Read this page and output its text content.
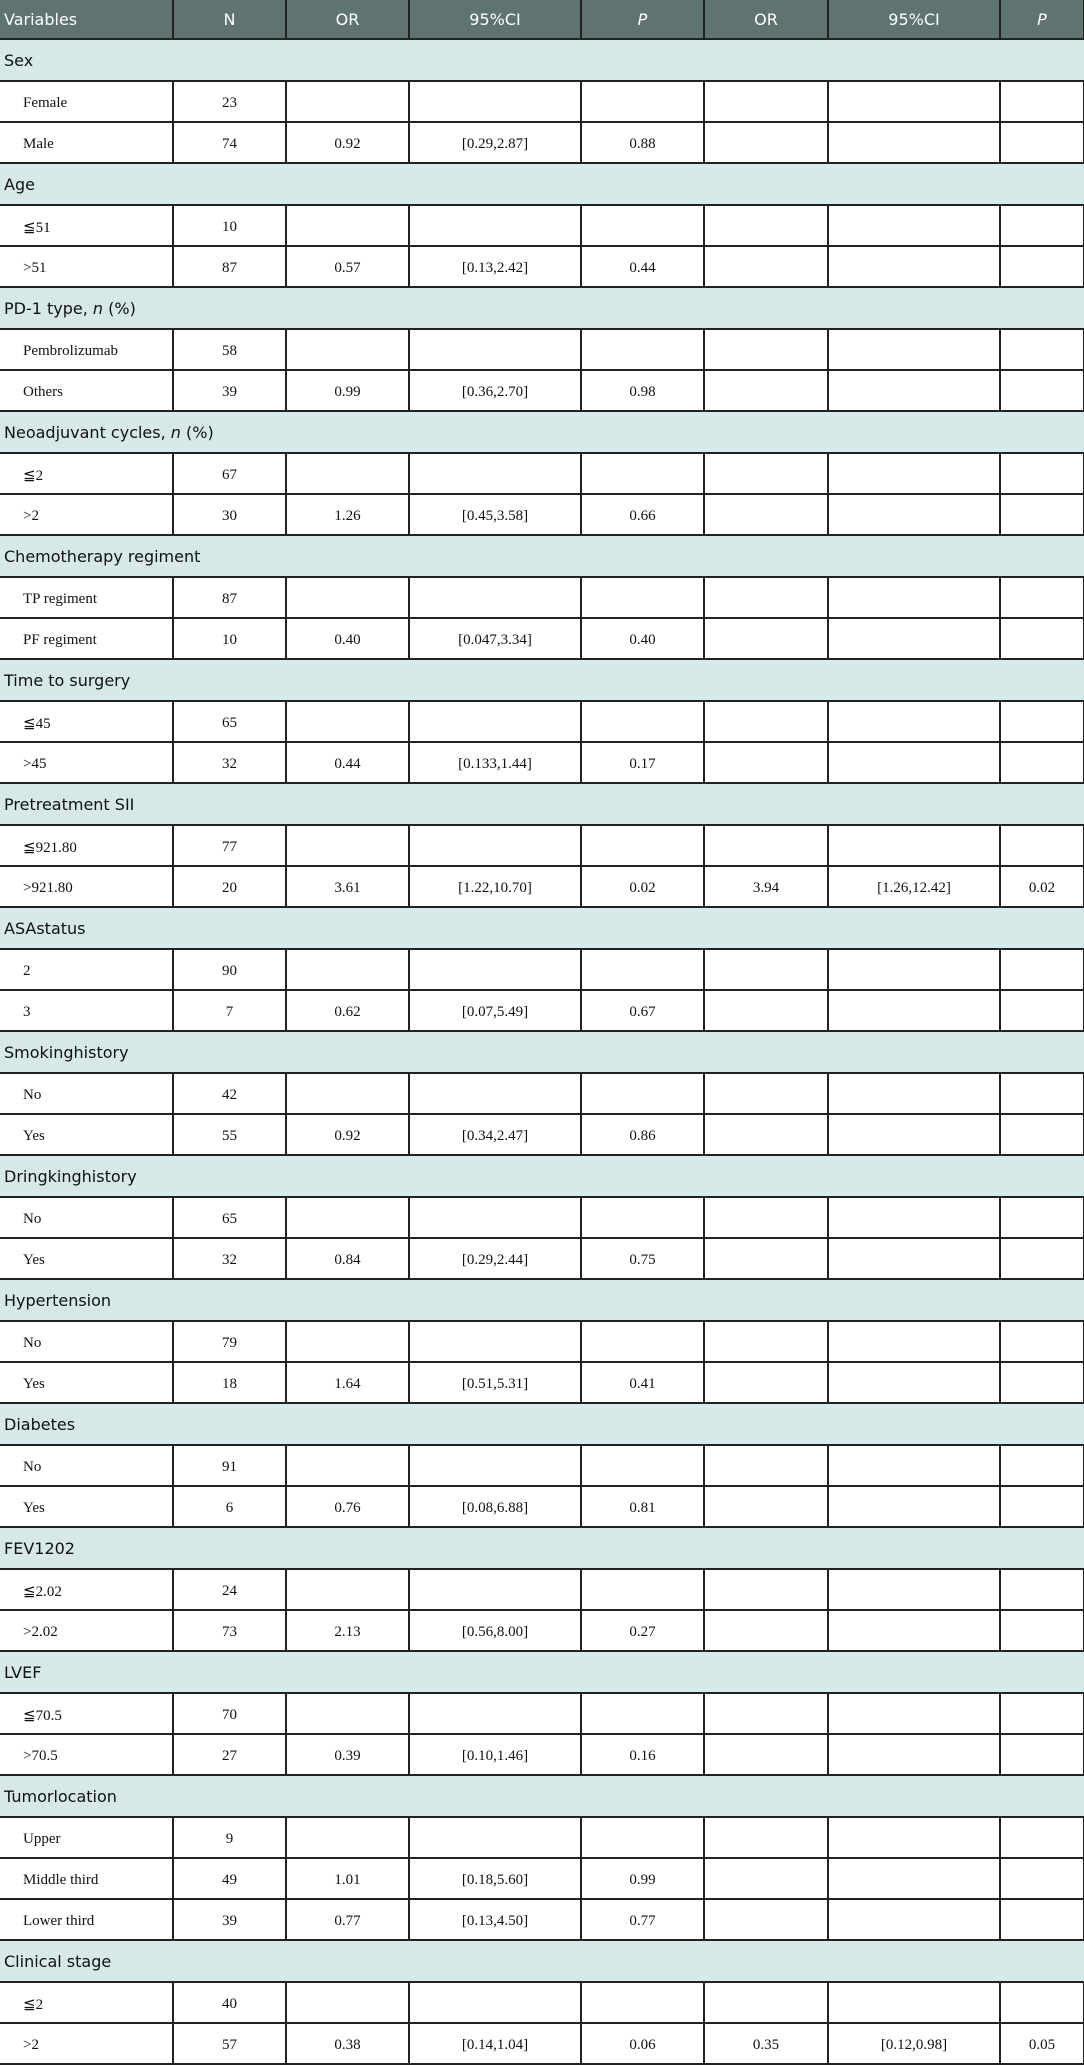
Variables	N	OR	95%CI	P	OR	95%CI	P
Sex							
Female	23						
Male	74	0.92	[0.29,2.87]	0.88			
Age							
≦51	10						
>51	87	0.57	[0.13,2.42]	0.44			
PD-1 type, n (%)							
Pembrolizumab	58						
Others	39	0.99	[0.36,2.70]	0.98			
Neoadjuvant cycles, n (%)							
≦2	67						
>2	30	1.26	[0.45,3.58]	0.66			
Chemotherapy regiment							
TP regiment	87						
PF regiment	10	0.40	[0.047,3.34]	0.40			
Time to surgery							
≦45	65						
>45	32	0.44	[0.133,1.44]	0.17			
Pretreatment SII							
≦921.80	77						
>921.80	20	3.61	[1.22,10.70]	0.02	3.94	[1.26,12.42]	0.02
ASAstatus							
2	90						
3	7	0.62	[0.07,5.49]	0.67			
Smokinghistory							
No	42						
Yes	55	0.92	[0.34,2.47]	0.86			
Dringkinghistory							
No	65						
Yes	32	0.84	[0.29,2.44]	0.75			
Hypertension							
No	79						
Yes	18	1.64	[0.51,5.31]	0.41			
Diabetes							
No	91						
Yes	6	0.76	[0.08,6.88]	0.81			
FEV1202							
≦2.02	24						
>2.02	73	2.13	[0.56,8.00]	0.27			
LVEF							
≦70.5	70						
>70.5	27	0.39	[0.10,1.46]	0.16			
Tumorlocation							
Upper	9						
Middle third	49	1.01	[0.18,5.60]	0.99			
Lower third	39	0.77	[0.13,4.50]	0.77			
Clinical stage							
≦2	40						
>2	57	0.38	[0.14,1.04]	0.06	0.35	[0.12,0.98]	0.05
